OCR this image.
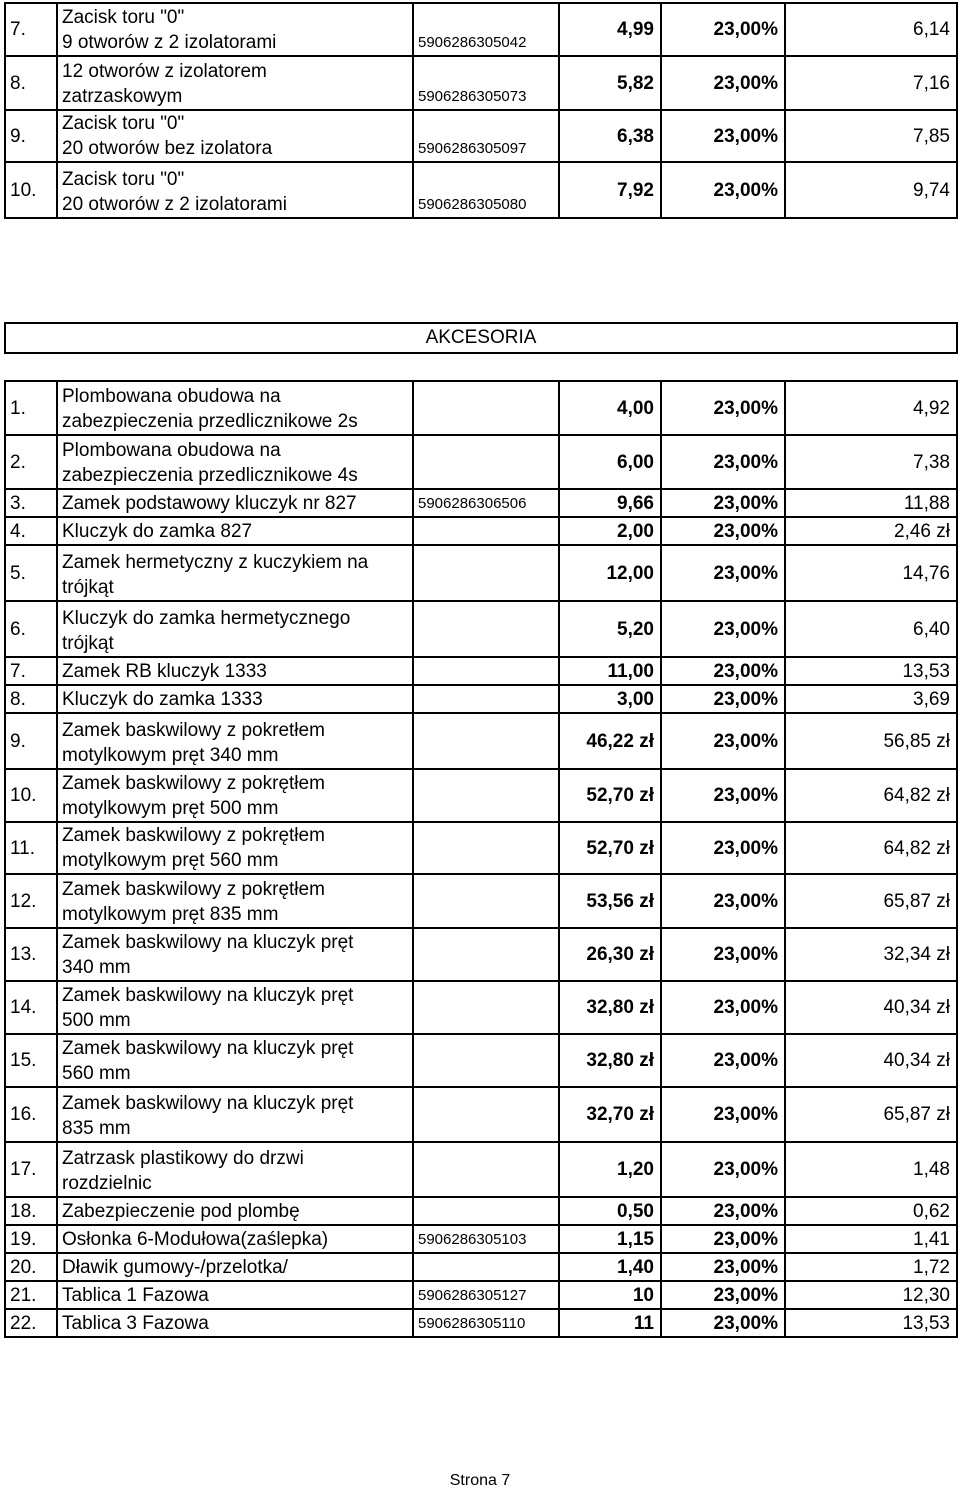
7.	Zacisk toru "0"
9 otworów z 2 izolatorami	5906286305042	4,99	23,00%	6,14
8.	12 otworów z izolatorem
zatrzaskowym	5906286305073	5,82	23,00%	7,16
9.	Zacisk toru "0"
20 otworów bez izolatora	5906286305097	6,38	23,00%	7,85
10.	Zacisk toru "0"
20 otworów z 2 izolatorami	5906286305080	7,92	23,00%	9,74
AKCESORIA
1.	Plombowana obudowa na
zabezpieczenia przedlicznikowe 2s		4,00	23,00%	4,92
2.	Plombowana obudowa na
zabezpieczenia przedlicznikowe 4s		6,00	23,00%	7,38
3.	Zamek podstawowy kluczyk nr 827	5906286306506	9,66	23,00%	11,88
4.	Kluczyk do zamka 827		2,00	23,00%	2,46 zł
5.	Zamek hermetyczny z kuczykiem na
trójkąt		12,00	23,00%	14,76
6.	Kluczyk do zamka hermetycznego
trójkąt		5,20	23,00%	6,40
7.	Zamek RB kluczyk 1333		11,00	23,00%	13,53
8.	Kluczyk do zamka 1333		3,00	23,00%	3,69
9.	Zamek baskwilowy z pokretłem
motylkowym pręt 340 mm		46,22 zł	23,00%	56,85 zł
10.	Zamek baskwilowy z pokrętłem
motylkowym pręt 500 mm		52,70 zł	23,00%	64,82 zł
11.	Zamek baskwilowy z pokrętłem
motylkowym pręt 560 mm		52,70 zł	23,00%	64,82 zł
12.	Zamek baskwilowy z pokrętłem
motylkowym pręt 835 mm		53,56 zł	23,00%	65,87 zł
13.	Zamek baskwilowy na kluczyk pręt
340 mm		26,30 zł	23,00%	32,34 zł
14.	Zamek baskwilowy na kluczyk pręt
500 mm		32,80 zł	23,00%	40,34 zł
15.	Zamek baskwilowy na kluczyk pręt
560 mm		32,80 zł	23,00%	40,34 zł
16.	Zamek baskwilowy na kluczyk pręt
835 mm		32,70 zł	23,00%	65,87 zł
17.	Zatrzask plastikowy do drzwi
rozdzielnic		1,20	23,00%	1,48
18.	Zabezpieczenie pod plombę		0,50	23,00%	0,62
19.	Osłonka 6-Modułowa(zaślepka)	5906286305103	1,15	23,00%	1,41
20.	Dławik gumowy-/przelotka/		1,40	23,00%	1,72
21.	Tablica 1 Fazowa	5906286305127	10	23,00%	12,30
22.	Tablica 3 Fazowa	5906286305110	11	23,00%	13,53
Strona 7
